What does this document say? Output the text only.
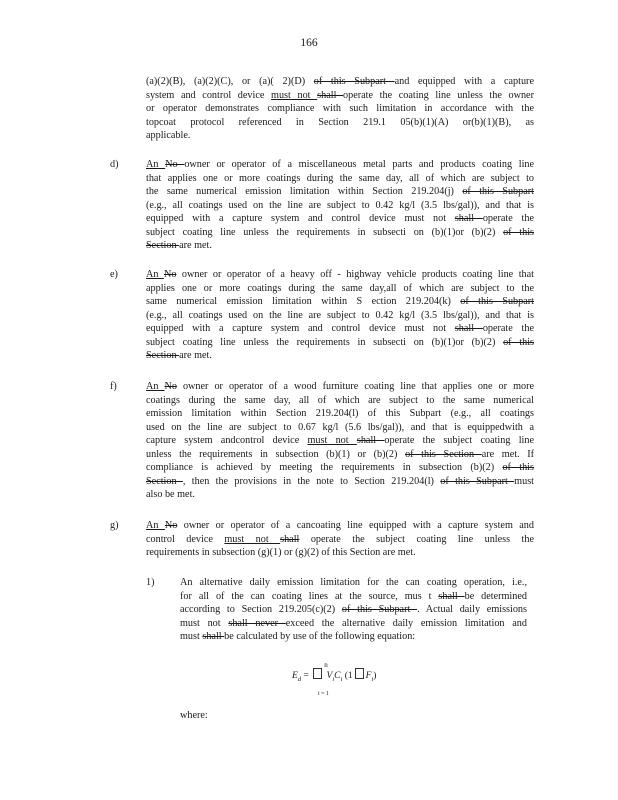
166
(a)(2)(B), (a)(2)(C), or (a)( 2)(D) of this Subpart and equipped with a capture
system and control device must not shall operate the coating line unless the owner
or operator demonstrates compliance with such limitation in accordance with the
topcoat protocol referenced in Section 219.1 05(b)(1)(A) or(b)(1)(B), as
applicable.
d)	An No owner or operator of a miscellaneous metal parts and products coating line
that applies one or more coatings during the same day, all of which are subject to
the same numerical emission limitation within Section 219.204(j) of this Subpart
(e.g., all coatings used on the line are subject to 0.42 kg/l (3.5 lbs/gal)), and that is
equipped with a capture system and control device must not shall operate the
subject coating line unless the requirements in subsecti on (b)(1)or (b)(2) of this
Section are met.
e)	An No owner or operator of a heavy off - highway vehicle products coating line that
applies one or more coatings during the same day,all of which are subject to the
same numerical emission limitation within S ection 219.204(k) of this Subpart
(e.g., all coatings used on the line are subject to 0.42 kg/l (3.5 lbs/gal)), and that is
equipped with a capture system and control device must not shall operate the
subject coating line unless the requirements in subsecti on (b)(1)or (b)(2) of this
Section are met.
f)	An No owner or operator of a wood furniture coating line that applies one or more
coatings during the same day, all of which are subject to the same numerical
emission limitation within Section 219.204(l) of this Subpart (e.g., all coatings
used on the line are subject to 0.67 kg/l (5.6 lbs/gal)), and that is equippedwith a
capture system andcontrol device must not shall operate the subject coating line
unless the requirements in subsection (b)(1) or (b)(2) of this Section are met. If
compliance is achieved by meeting the requirements in subsection (b)(2) of this
Section , then the provisions in the note to Section 219.204(l) of this Subpart must
also be met.
g)	An No owner or operator of a cancoating line equipped with a capture system and
control device must not shall operate the subject coating line unless the
requirements in subsection (g)(1) or (g)(2) of this Section are met.
1)	An alternative daily emission limitation for the can coating operation, i.e.,
for all of the can coating lines at the source, mus t shall be determined
according to Section 219.205(c)(2) of this Subpart . Actual daily emissions
must not shall never exceed the alternative daily emission limitation and
must shall be calculated by use of the following equation:
n
$E_d = V_iC_i$ (1 $F_i$)
i = 1
where:
